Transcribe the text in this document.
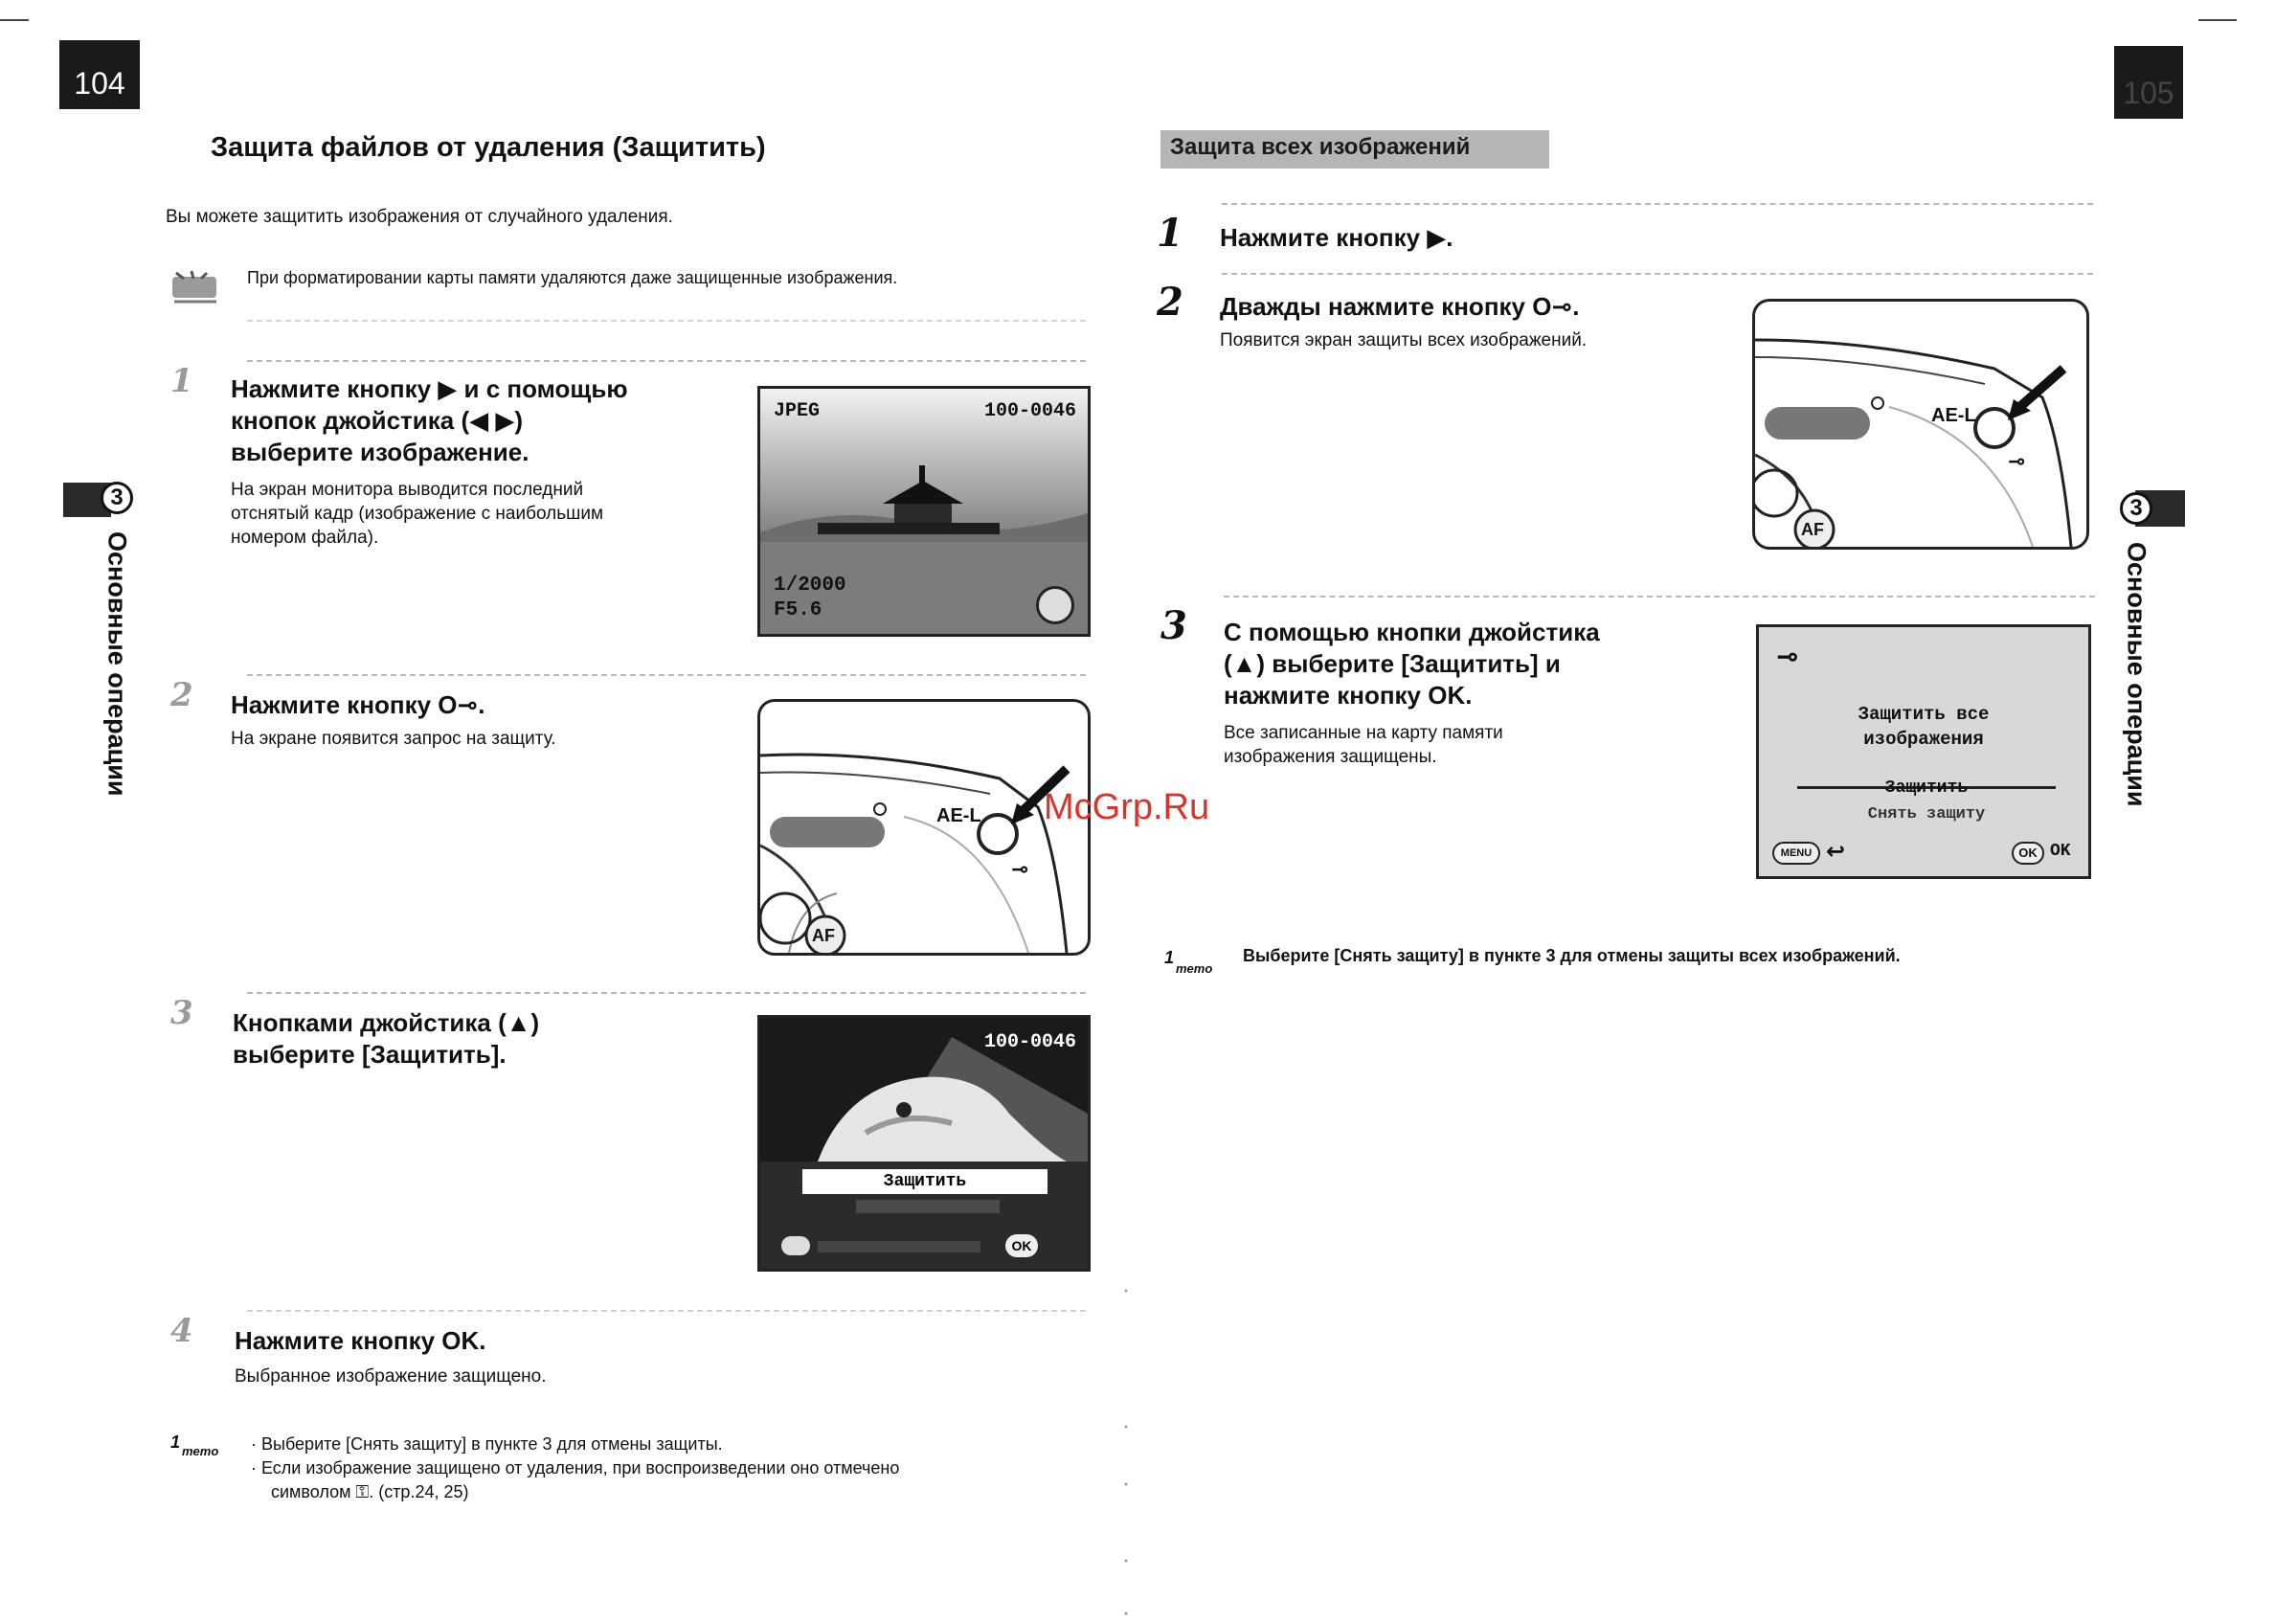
104
Защита файлов от удаления (Защитить)
Вы можете защитить изображения от случайного удаления.
При форматировании карты памяти удаляются даже защищенные изображения.
3
Основные операции
1 Нажмите кнопку ▶ и с помощью
кнопок джойстика (◀ ▶)
выберите изображение.
На экран монитора выводится последний
отснятый кадр (изображение с наибольшим
номером файла).
JPEG	100-0046
1/2000
F5.6
2 Нажмите кнопку O⊸.
На экране появится запрос на защиту.
AE-L
AF
⊸
3 Кнопками джойстика (▲)
выберите [Защитить].	100-0046
Защитить
OK
4 Нажмите кнопку OK.
Выбранное изображение защищено.
1 memo · Выберите [Снять защиту] в пункте 3 для отмены защиты.
· Если изображение защищено от удаления, при воспроизведении оно отмечено
символом ⚿. (стр.24, 25)
105
Защита всех изображений
1 Нажмите кнопку ▶.
2 Дважды нажмите кнопку O⊸.
Появится экран защиты всех изображений.
AE-L
AF
⊸
3 С помощью кнопки джойстика
(▲) выберите [Защитить] и
нажмите кнопку OK.
Все записанные на карту памяти
изображения защищены.
⊸
Защитить все
изображения
Защитить
Снять защиту
MENU ↩	OK OK
1
memo
Выберите [Снять защиту] в пункте 3 для отмены защиты всех изображений.
3
Основные операции
McGrp.Ru
